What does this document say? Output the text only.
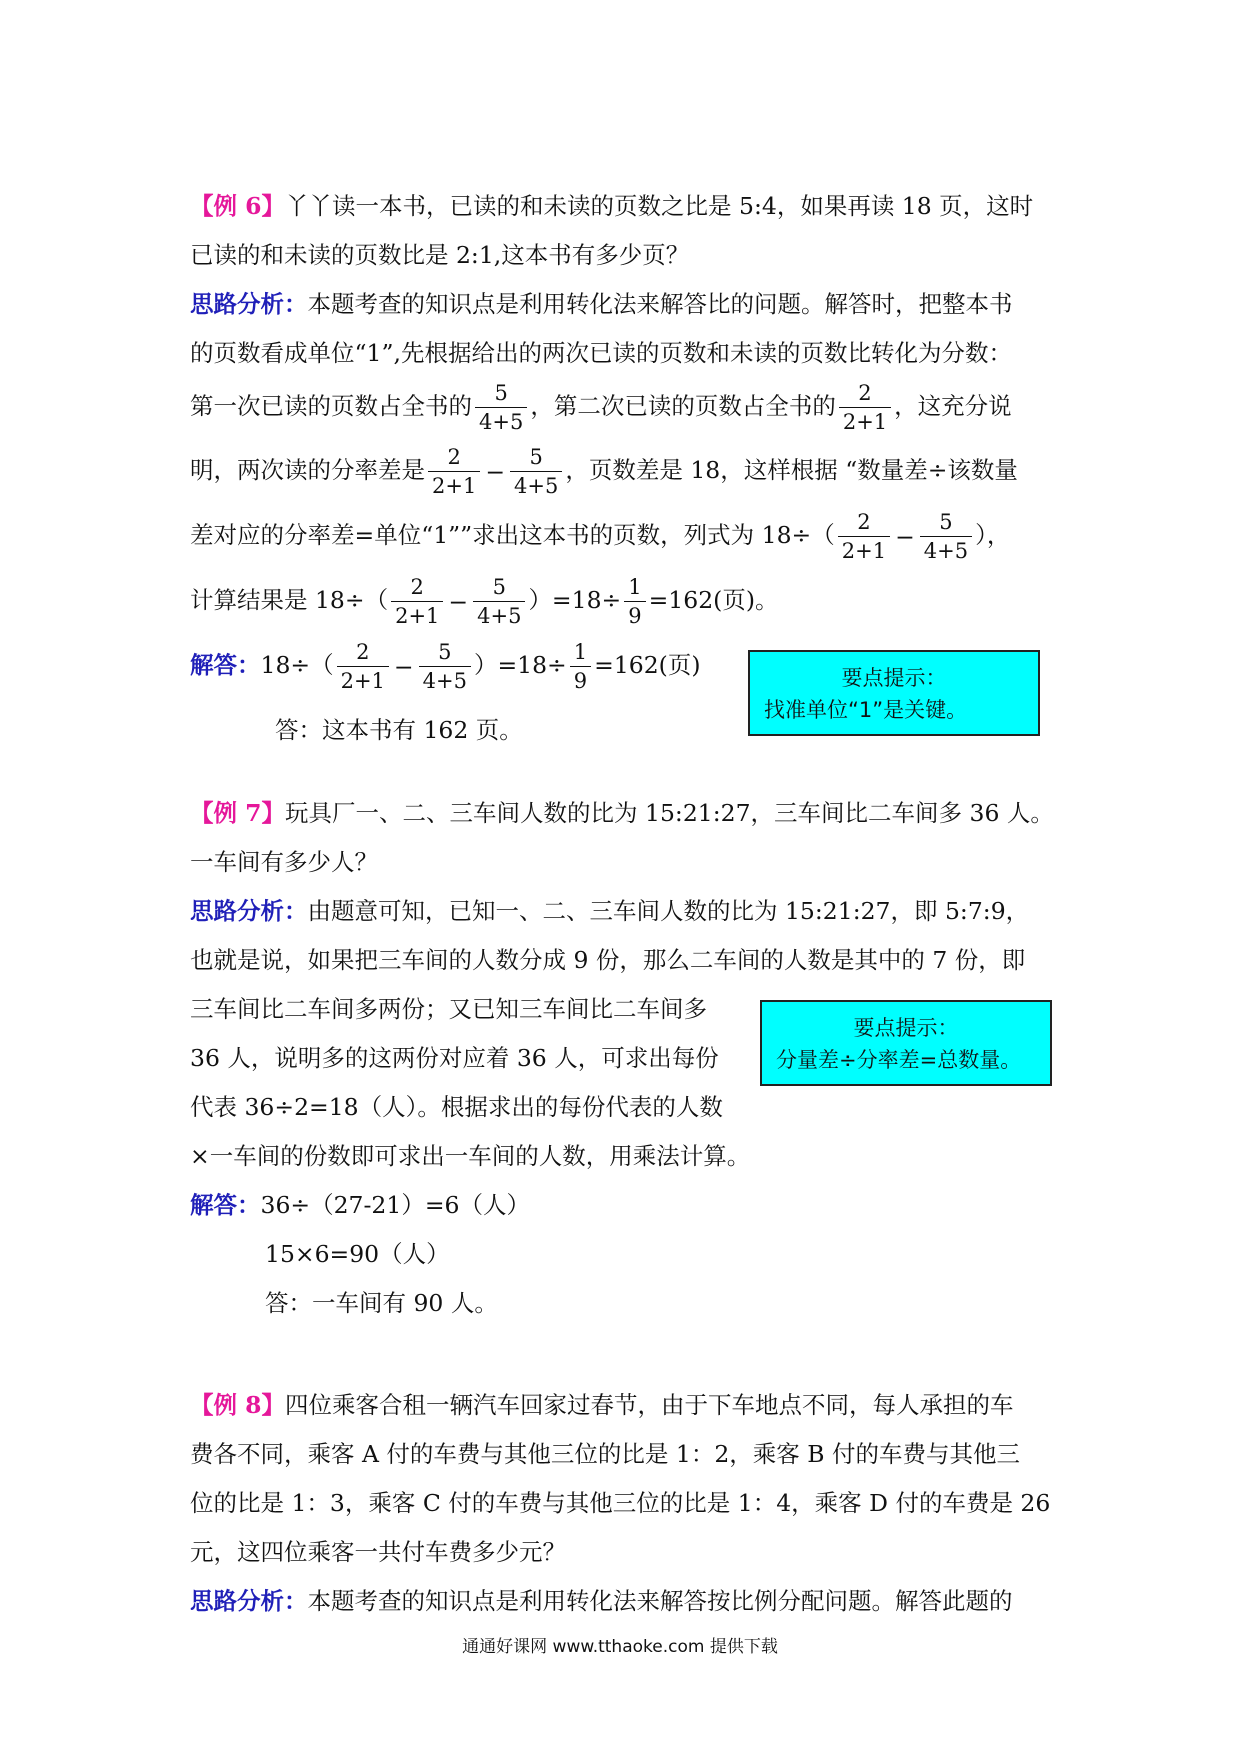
【例 6】丫丫读一本书，已读的和未读的页数之比是 5:4，如果再读 18 页，这时
已读的和未读的页数比是 2:1,这本书有多少页？
思路分析：本题考查的知识点是利用转化法来解答比的问题。解答时，把整本书
的页数看成单位“1”,先根据给出的两次已读的页数和未读的页数比转化为分数：
第一次已读的页数占全书的 $\frac{5}{4+5}$ ，第二次已读的页数占全书的 $\frac{2}{2+1}$ ，这充分说
明，两次读的分率差是 $\frac{2}{2+1} - \frac{5}{4+5}$ ，页数差是 18，这样根据 “数量差÷该数量
差对应的分率差=单位“1””求出这本书的页数，列式为 $18\div( \frac{2}{2+1} - \frac{5}{4+5}$ ），
计算结果是 $18\div( \frac{2}{2+1} - \frac{5}{4+5} )=18\div \frac{1}{9} =162$(页)。
解答：$18\div( \frac{2}{2+1} - \frac{5}{4+5} )=18\div \frac{1}{9} =162$(页)
答：这本书有 162 页。
要点提示：
找准单位“1”是关键。
【例 7】玩具厂一、二、三车间人数的比为 15:21:27，三车间比二车间多 36 人。
一车间有多少人？
思路分析：由题意可知，已知一、二、三车间人数的比为 15:21:27，即 5:7:9，
也就是说，如果把三车间的人数分成 9 份，那么二车间的人数是其中的 7 份，即
三车间比二车间多两份；又已知三车间比二车间多
36 人，说明多的这两份对应着 36 人，可求出每份
代表 36÷2=18（人）。根据求出的每份代表的人数
×一车间的份数即可求出一车间的人数，用乘法计算。
解答：36÷（27-21）=6（人）
15×6=90（人）
答：一车间有 90 人。
要点提示：
分量差÷分率差=总数量。
【例 8】四位乘客合租一辆汽车回家过春节，由于下车地点不同，每人承担的车
费各不同，乘客 A 付的车费与其他三位的比是 1：2，乘客 B 付的车费与其他三
位的比是 1：3，乘客 C 付的车费与其他三位的比是 1：4，乘客 D 付的车费是 26
元，这四位乘客一共付车费多少元？
思路分析：本题考查的知识点是利用转化法来解答按比例分配问题。解答此题的
通通好课网 www.tthaoke.com 提供下载
